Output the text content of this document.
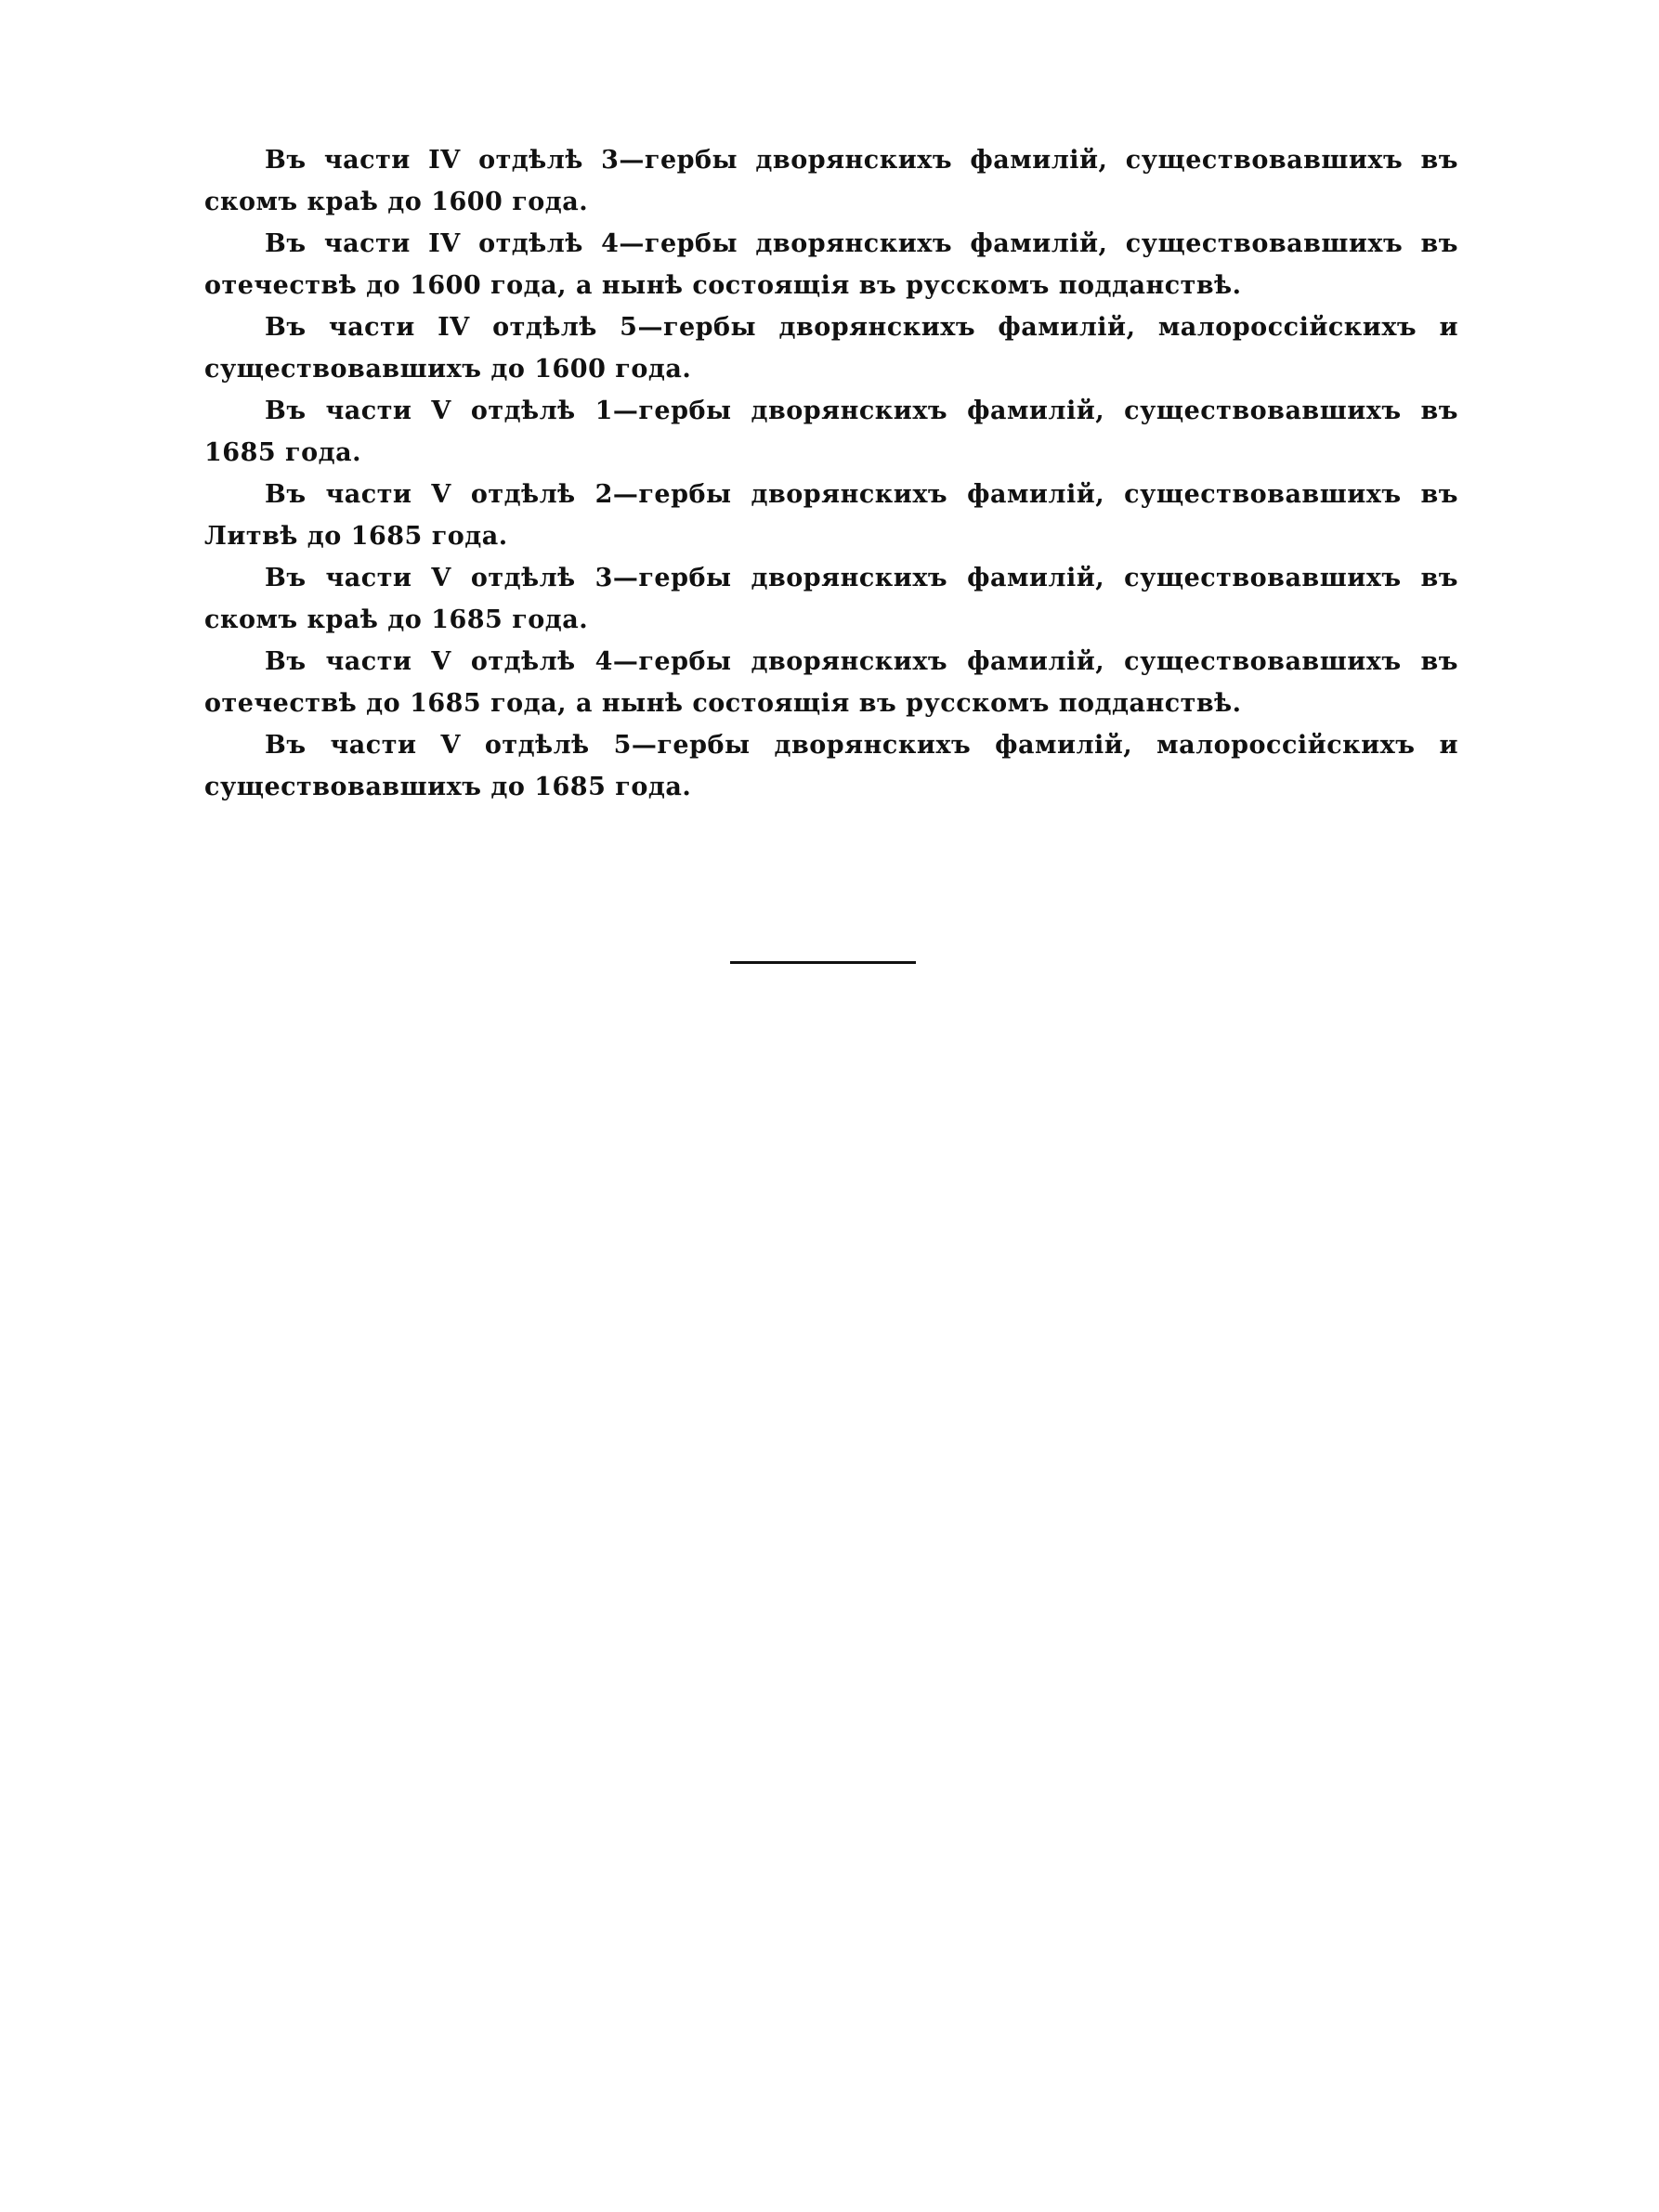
Въ части IV отдѣлѣ 3—гербы дворянскихъ фамилій, существовавшихъ въ
скомъ краѣ до 1600 года.

Въ части IV отдѣлѣ 4—гербы дворянскихъ фамилій, существовавшихъ въ
отечествѣ до 1600 года, а нынѣ состоящія въ русскомъ подданствѣ.

Въ части IV отдѣлѣ 5—гербы дворянскихъ фамилій, малороссійскихъ и
существовавшихъ до 1600 года.

Въ части V отдѣлѣ 1—гербы дворянскихъ фамилій, существовавшихъ въ
1685 года.

Въ части V отдѣлѣ 2—гербы дворянскихъ фамилій, существовавшихъ въ
Литвѣ до 1685 года.

Въ части V отдѣлѣ 3—гербы дворянскихъ фамилій, существовавшихъ въ
скомъ краѣ до 1685 года.

Въ части V отдѣлѣ 4—гербы дворянскихъ фамилій, существовавшихъ въ
отечествѣ до 1685 года, а нынѣ состоящія въ русскомъ подданствѣ.

Въ части V отдѣлѣ 5—гербы дворянскихъ фамилій, малороссійскихъ и
существовавшихъ до 1685 года.
